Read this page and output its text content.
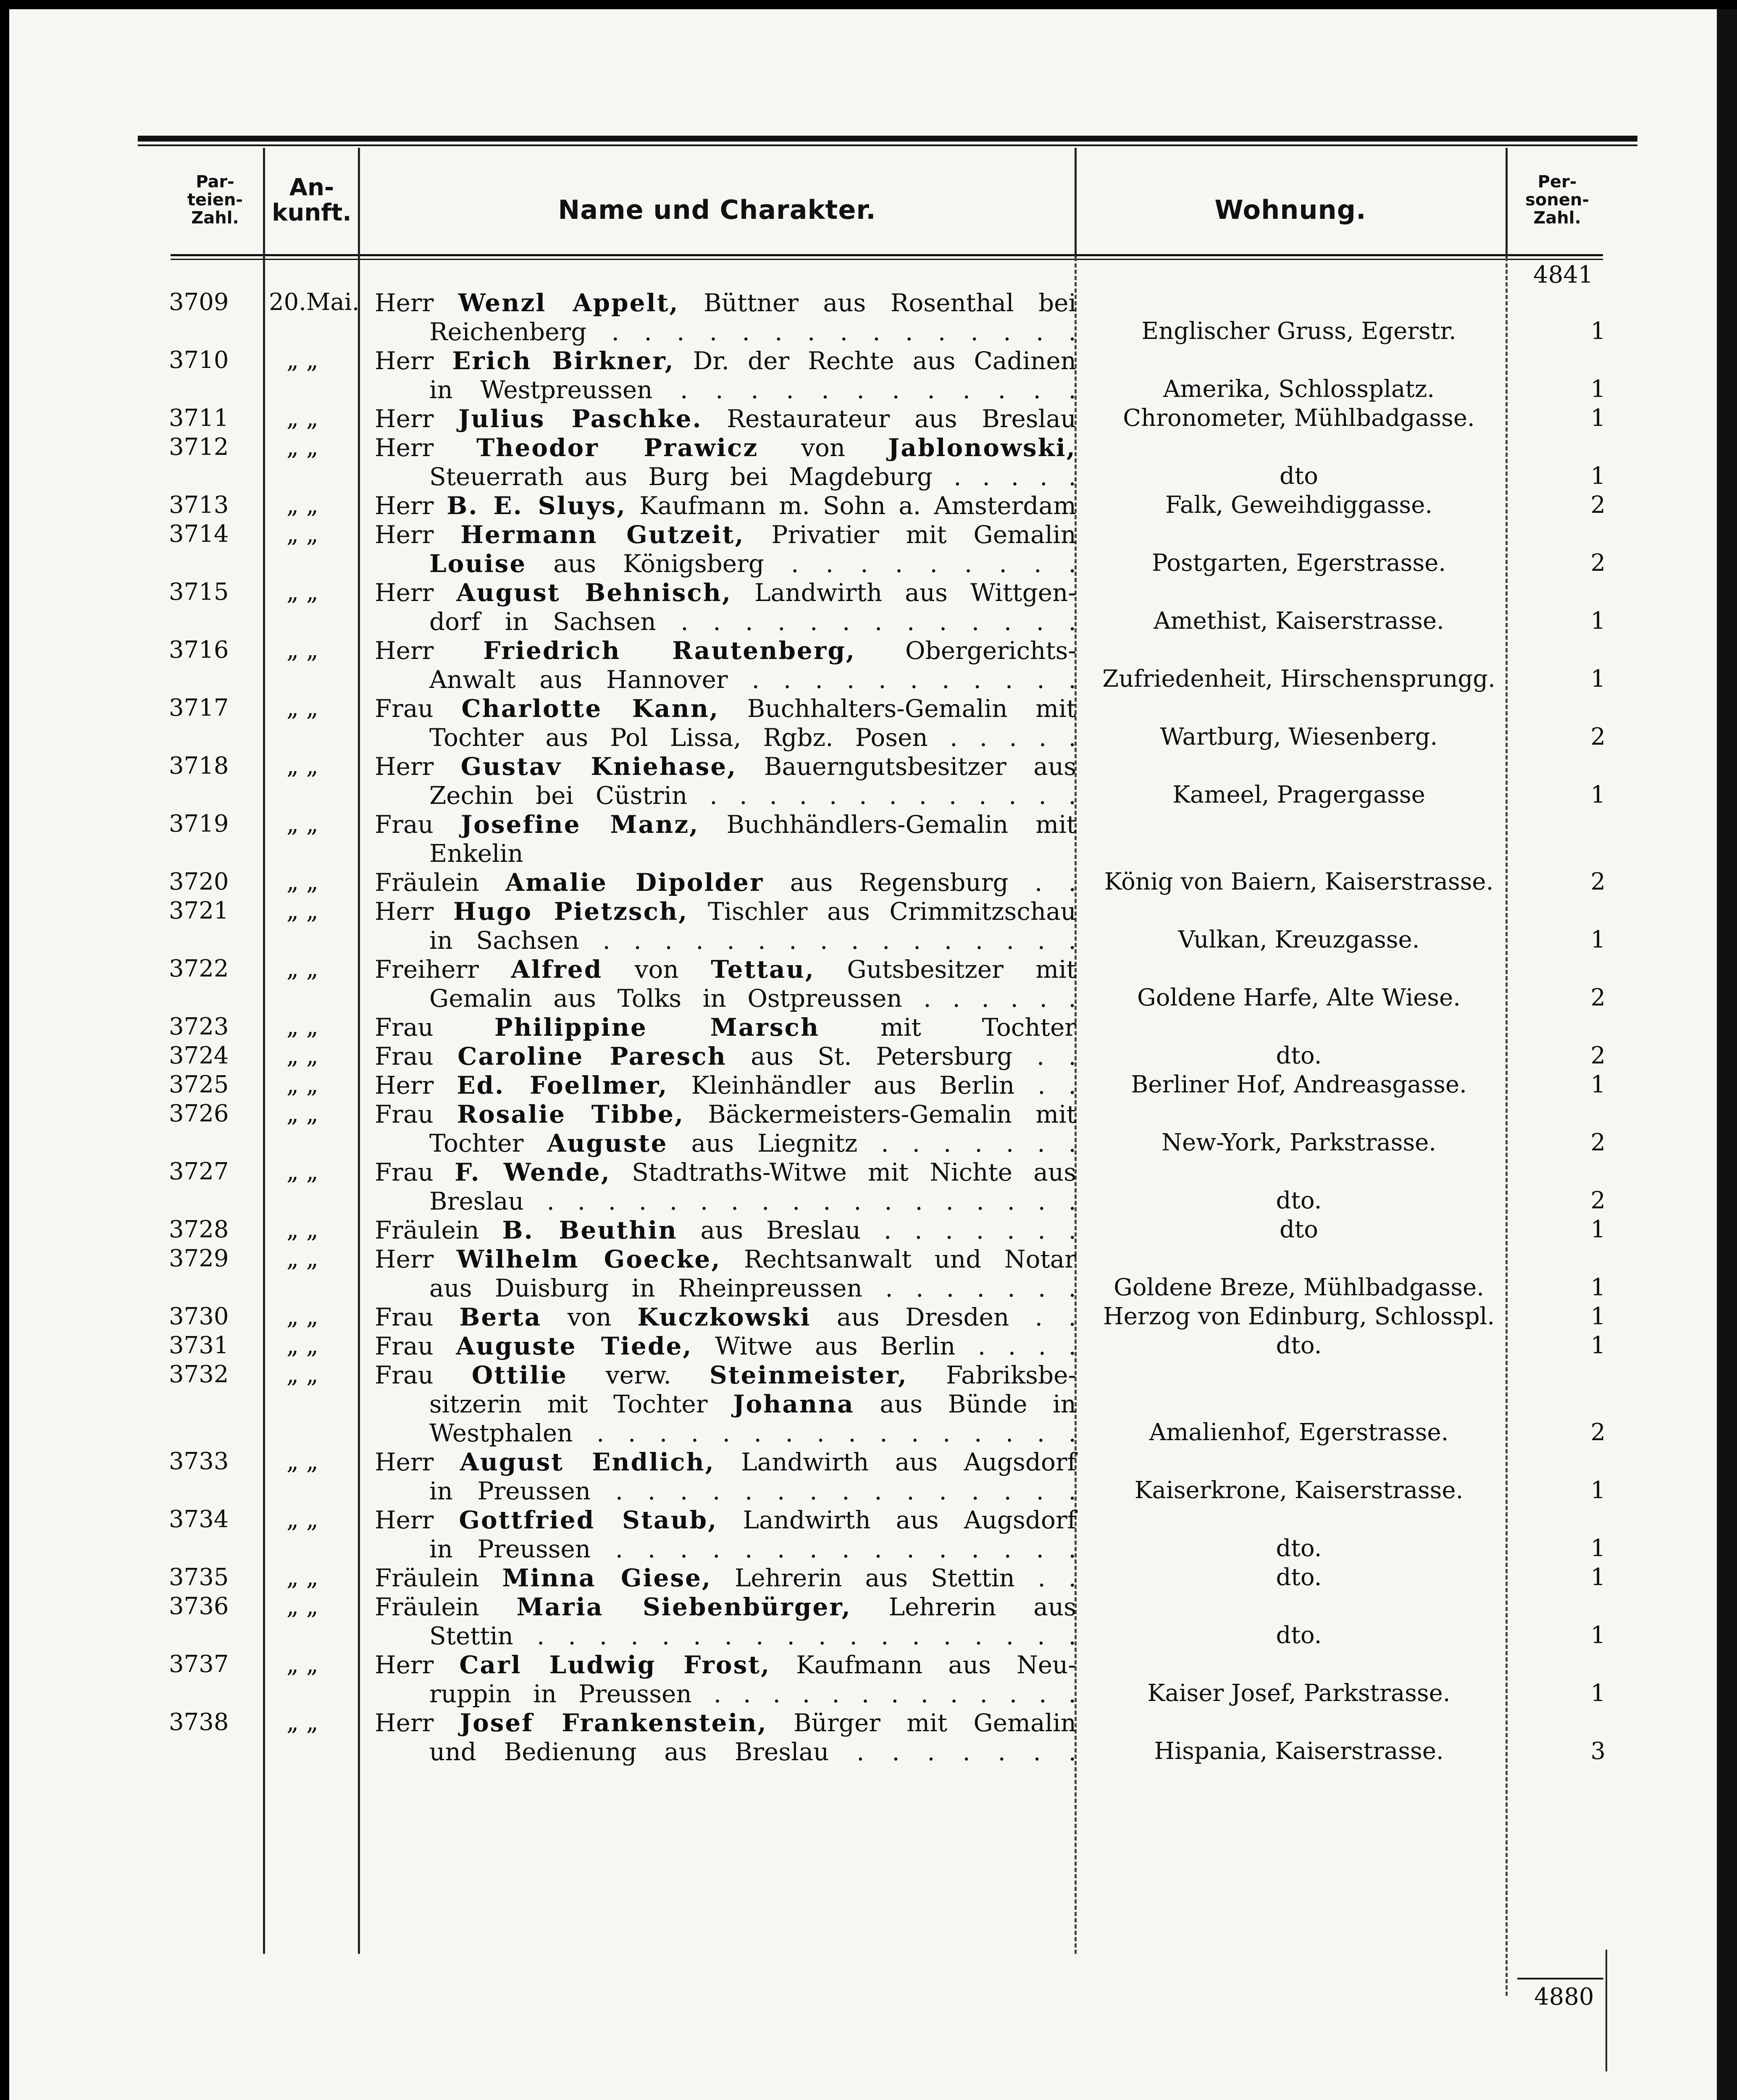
Par-
teien-
Zahl.
An-
kunft.	Name und Charakter.	Wohnung.
Per-
sonen-
Zahl.
4841
4880
3709 20.Mai. Herr Wenzl Appelt, Büttner aus Rosenthal bei
Reichenberg . . . . . . . . . . . . . . .	Englischer Gruss, Egerstr.	1
3710 „ „ Herr Erich Birkner, Dr. der Rechte aus Cadinen
in Westpreussen . . . . . . . . . . . .	Amerika, Schlossplatz.	1
3711 „ „ Herr Julius Paschke. Restaurateur aus Breslau	Chronometer, Mühlbadgasse.	1
3712 „ „ Herr Theodor Prawicz von Jablonowski,
Steuerrath aus Burg bei Magdeburg . . . . .	dto	1
3713 „ „ Herr B. E. Sluys, Kaufmann m. Sohn a. Amsterdam	Falk, Geweihdiggasse.	2
3714 „ „ Herr Hermann Gutzeit, Privatier mit Gemalin
Louise aus Königsberg . . . . . . . . .	Postgarten, Egerstrasse.	2
3715 „ „ Herr August Behnisch, Landwirth aus Wittgen-
dorf in Sachsen . . . . . . . . . . . . .	Amethist, Kaiserstrasse.	1
3716 „ „ Herr Friedrich Rautenberg, Obergerichts-
Anwalt aus Hannover . . . . . . . . . . .	Zufriedenheit, Hirschensprungg.	1
3717 „ „ Frau Charlotte Kann, Buchhalters-Gemalin mit
Tochter aus Pol Lissa, Rgbz. Posen . . . . .	Wartburg, Wiesenberg.	2
3718 „ „ Herr Gustav Kniehase, Bauerngutsbesitzer aus
Zechin bei Cüstrin . . . . . . . . . . . . .	Kameel, Pragergasse	1
3719 „ „ Frau Josefine Manz, Buchhändlers-Gemalin mit
Enkelin
3720 „ „ Fräulein Amalie Dipolder aus Regensburg . .	König von Baiern, Kaiserstrasse.	2
3721 „ „ Herr Hugo Pietzsch, Tischler aus Crimmitzschau
in Sachsen . . . . . . . . . . . . . . . .	Vulkan, Kreuzgasse.	1
3722 „ „ Freiherr Alfred von Tettau, Gutsbesitzer mit
Gemalin aus Tolks in Ostpreussen . . . . . .	Goldene Harfe, Alte Wiese.	2
3723 „ „ Frau Philippine Marsch mit Tochter
3724 „ „ Frau Caroline Paresch aus St. Petersburg . .	dto.	2
3725 „ „ Herr Ed. Foellmer, Kleinhändler aus Berlin . .	Berliner Hof, Andreasgasse.	1
3726 „ „ Frau Rosalie Tibbe, Bäckermeisters-Gemalin mit
Tochter Auguste aus Liegnitz . . . . . . .	New-York, Parkstrasse.	2
3727 „ „ Frau F. Wende, Stadtraths-Witwe mit Nichte aus
Breslau . . . . . . . . . . . . . . . . . .	dto.	2
3728 „ „ Fräulein B. Beuthin aus Breslau . . . . . . .	dto	1
3729 „ „ Herr Wilhelm Goecke, Rechtsanwalt und Notar
aus Duisburg in Rheinpreussen . . . . . . .	Goldene Breze, Mühlbadgasse.	1
3730 „ „ Frau Berta von Kuczkowski aus Dresden . .	Herzog von Edinburg, Schlosspl.	1
3731 „ „ Frau Auguste Tiede, Witwe aus Berlin . . . .	dto.	1
3732 „ „ Frau Ottilie verw. Steinmeister, Fabriksbe-
sitzerin mit Tochter Johanna aus Bünde in
Westphalen . . . . . . . . . . . . . . . .	Amalienhof, Egerstrasse.	2
3733 „ „ Herr August Endlich, Landwirth aus Augsdorf
in Preussen . . . . . . . . . . . . . . .	Kaiserkrone, Kaiserstrasse.	1
3734 „ „ Herr Gottfried Staub, Landwirth aus Augsdorf
in Preussen . . . . . . . . . . . . . . .	dto.	1
3735 „ „ Fräulein Minna Giese, Lehrerin aus Stettin . .	dto.	1
3736 „ „ Fräulein Maria Siebenbürger, Lehrerin aus
Stettin . . . . . . . . . . . . . . . . . .	dto.	1
3737 „ „ Herr Carl Ludwig Frost, Kaufmann aus Neu-
ruppin in Preussen . . . . . . . . . . . . .	Kaiser Josef, Parkstrasse.	1
3738 „ „ Herr Josef Frankenstein, Bürger mit Gemalin
und Bedienung aus Breslau . . . . . . .	Hispania, Kaiserstrasse.	3
